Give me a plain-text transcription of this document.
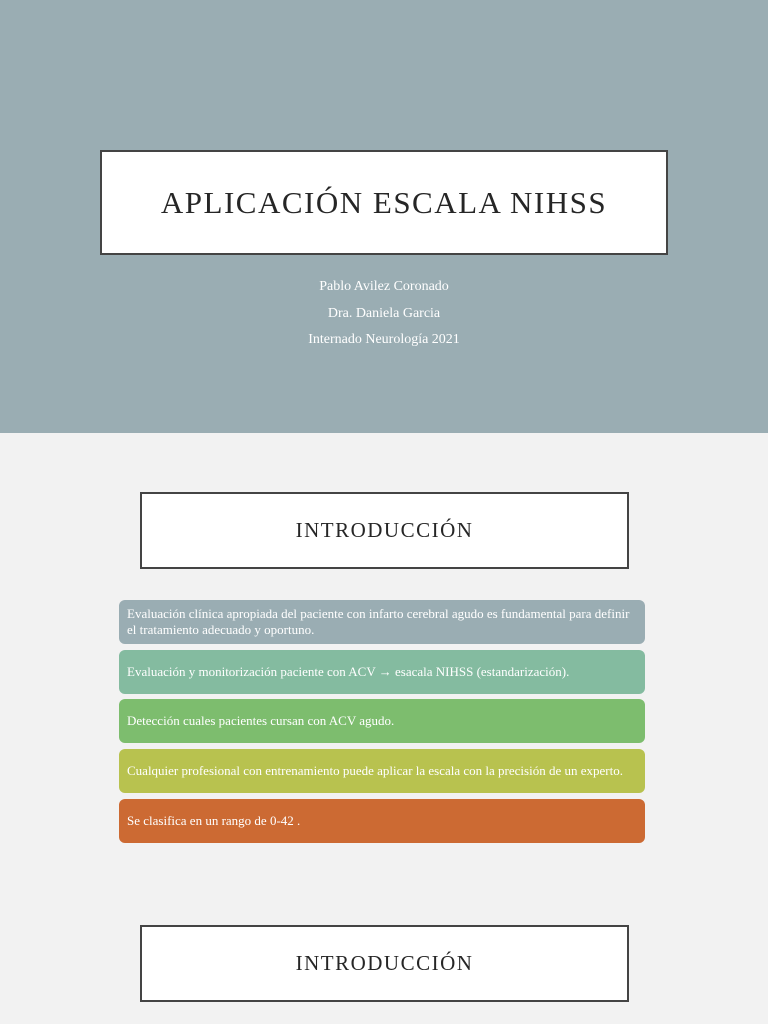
APLICACIÓN ESCALA NIHSS
Pablo Avilez Coronado
Dra. Daniela Garcia
Internado Neurología 2021
INTRODUCCIÓN
Evaluación clínica apropiada del paciente con infarto cerebral agudo es fundamental para definir el tratamiento adecuado y oportuno.
Evaluación y monitorización paciente con ACV → esacala NIHSS (estandarización).
Detección cuales pacientes cursan con ACV agudo.
Cualquier profesional con entrenamiento puede aplicar la escala con la precisión de un experto.
Se clasifica en un rango de 0-42 .
INTRODUCCIÓN
